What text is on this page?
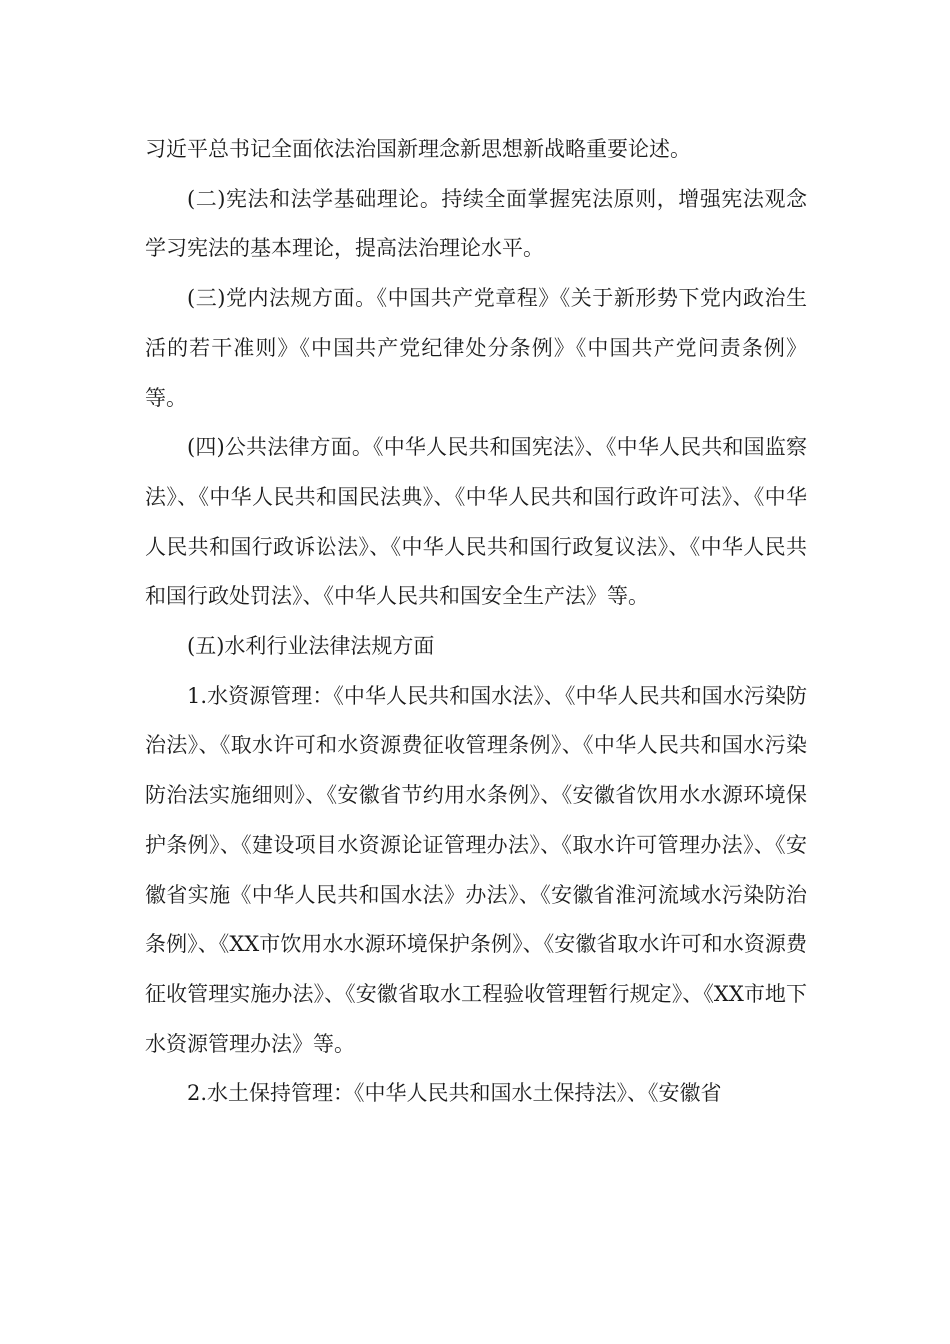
习近平总书记全面依法治国新理念新思想新战略重要论述。

(二)宪法和法学基础理论。持续全面掌握宪法原则，增强宪法观念学习宪法的基本理论，提高法治理论水平。

(三)党内法规方面。《中国共产党章程》《关于新形势下党内政治生活的若干准则》《中国共产党纪律处分条例》《中国共产党问责条例》等。

(四)公共法律方面。《中华人民共和国宪法》、《中华人民共和国监察法》、《中华人民共和国民法典》、《中华人民共和国行政许可法》、《中华人民共和国行政诉讼法》、《中华人民共和国行政复议法》、《中华人民共和国行政处罚法》、《中华人民共和国安全生产法》等。

(五)水利行业法律法规方面

1.水资源管理：《中华人民共和国水法》、《中华人民共和国水污染防治法》、《取水许可和水资源费征收管理条例》、《中华人民共和国水污染防治法实施细则》、《安徽省节约用水条例》、《安徽省饮用水水源环境保护条例》、《建设项目水资源论证管理办法》、《取水许可管理办法》、《安徽省实施《中华人民共和国水法》办法》、《安徽省淮河流域水污染防治条例》、《XX市饮用水水源环境保护条例》、《安徽省取水许可和水资源费征收管理实施办法》、《安徽省取水工程验收管理暂行规定》、《XX市地下水资源管理办法》等。

2.水土保持管理：《中华人民共和国水土保持法》、《安徽省
